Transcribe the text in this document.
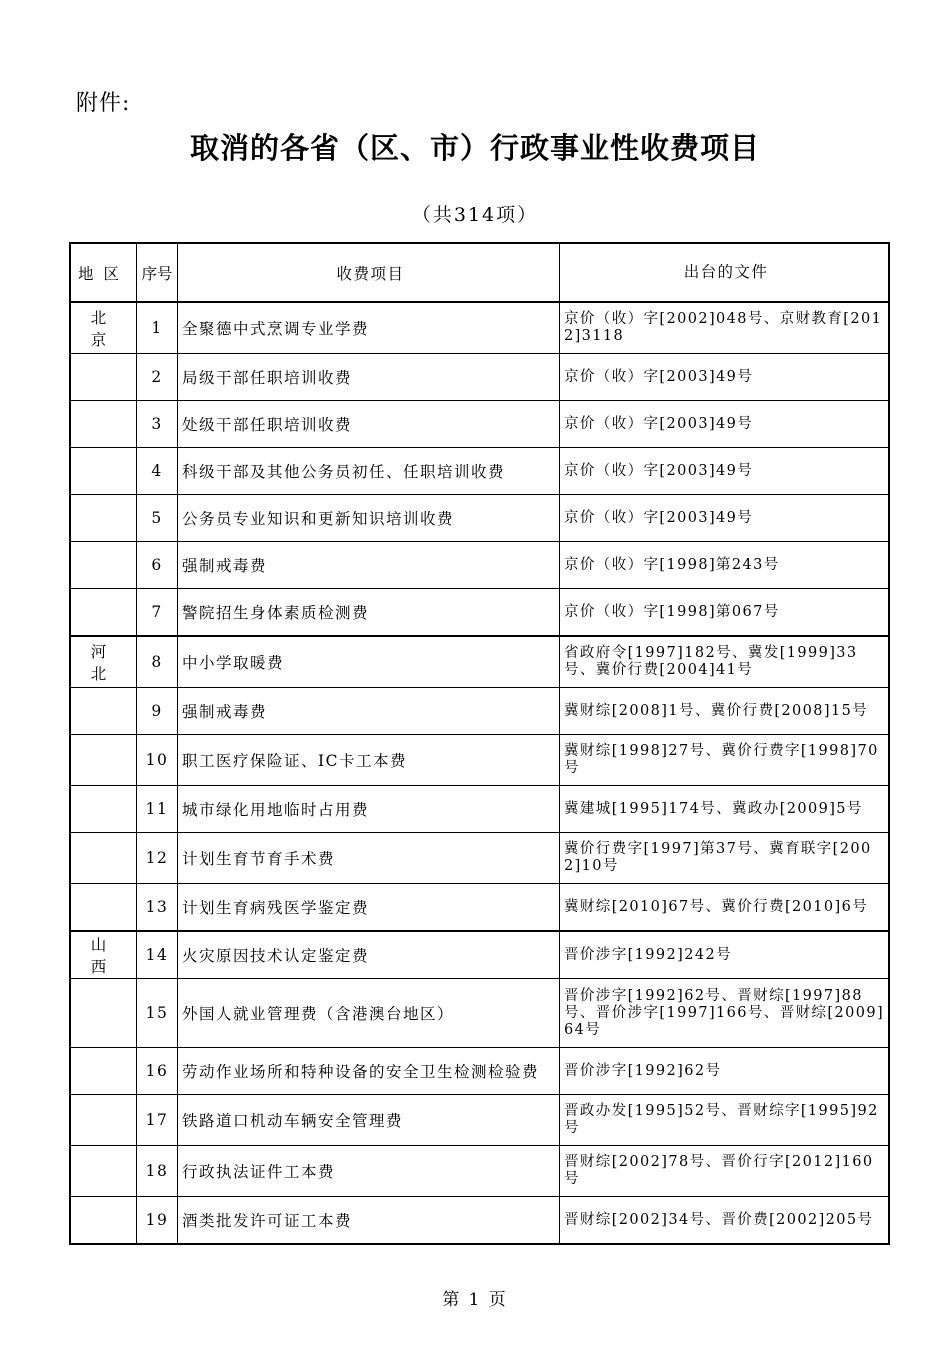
附件:
取消的各省（区、市）行政事业性收费项目
（共314项）
地区	序号	收费项目	出台的文件
北 京	1	全聚德中式烹调专业学费	京价（收）字[2002]048号、京财教育[2012]3118
	2	局级干部任职培训收费	京价（收）字[2003]49号
	3	处级干部任职培训收费	京价（收）字[2003]49号
	4	科级干部及其他公务员初任、任职培训收费	京价（收）字[2003]49号
	5	公务员专业知识和更新知识培训收费	京价（收）字[2003]49号
	6	强制戒毒费	京价（收）字[1998]第243号
	7	警院招生身体素质检测费	京价（收）字[1998]第067号
河 北	8	中小学取暖费	省政府令[1997]182号、冀发[1999]33号、冀价行费[2004]41号
	9	强制戒毒费	冀财综[2008]1号、冀价行费[2008]15号
	10	职工医疗保险证、IC卡工本费	冀财综[1998]27号、冀价行费字[1998]70号
	11	城市绿化用地临时占用费	冀建城[1995]174号、冀政办[2009]5号
	12	计划生育节育手术费	冀价行费字[1997]第37号、冀育联字[2002]10号
	13	计划生育病残医学鉴定费	冀财综[2010]67号、冀价行费[2010]6号
山 西	14	火灾原因技术认定鉴定费	晋价涉字[1992]242号
	15	外国人就业管理费（含港澳台地区）	晋价涉字[1992]62号、晋财综[1997]88号、晋价涉字[1997]166号、晋财综[2009]64号
	16	劳动作业场所和特种设备的安全卫生检测检验费	晋价涉字[1992]62号
	17	铁路道口机动车辆安全管理费	晋政办发[1995]52号、晋财综字[1995]92号
	18	行政执法证件工本费	晋财综[2002]78号、晋价行字[2012]160号
	19	酒类批发许可证工本费	晋财综[2002]34号、晋价费[2002]205号
第 1 页
